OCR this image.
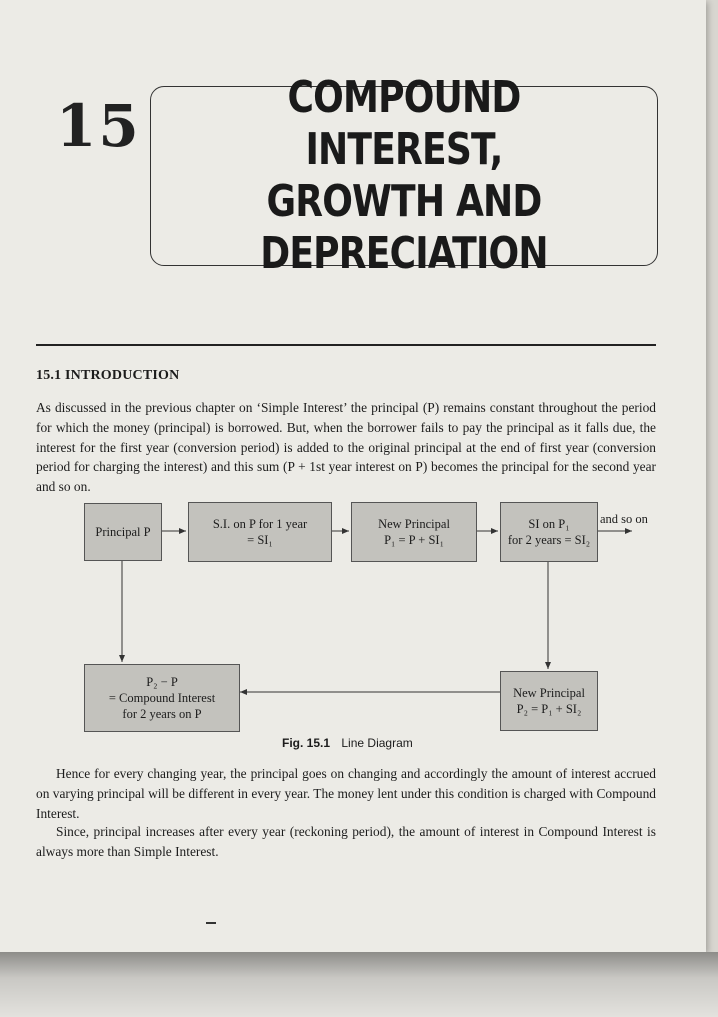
15	COMPOUND INTEREST,
GROWTH AND
DEPRECIATION
15.1 INTRODUCTION
As discussed in the previous chapter on ‘Simple Interest’ the principal (P) remains constant throughout the period for which the money (principal) is borrowed. But, when the borrower fails to pay the principal as it falls due, the interest for the first year (conversion period) is added to the original principal at the end of first year (conversion period for charging the interest) and this sum (P + 1st year interest on P) becomes the principal for the second year and so on.
Principal P
S.I. on P for 1 year
= SI₁
New Principal
P₁ = P + SI₁
SI on P₁
for 2 years = SI₂
and so on
P₂ − P
= Compound Interest
for 2 years on P
New Principal
P₂ = P₁ + SI₂
Fig. 15.1 Line Diagram
Hence for every changing year, the principal goes on changing and accordingly the amount of interest accrued on varying principal will be different in every year. The money lent under this condition is charged with Compound Interest.
Since, principal increases after every year (reckoning period), the amount of interest in Compound Interest is always more than Simple Interest.
